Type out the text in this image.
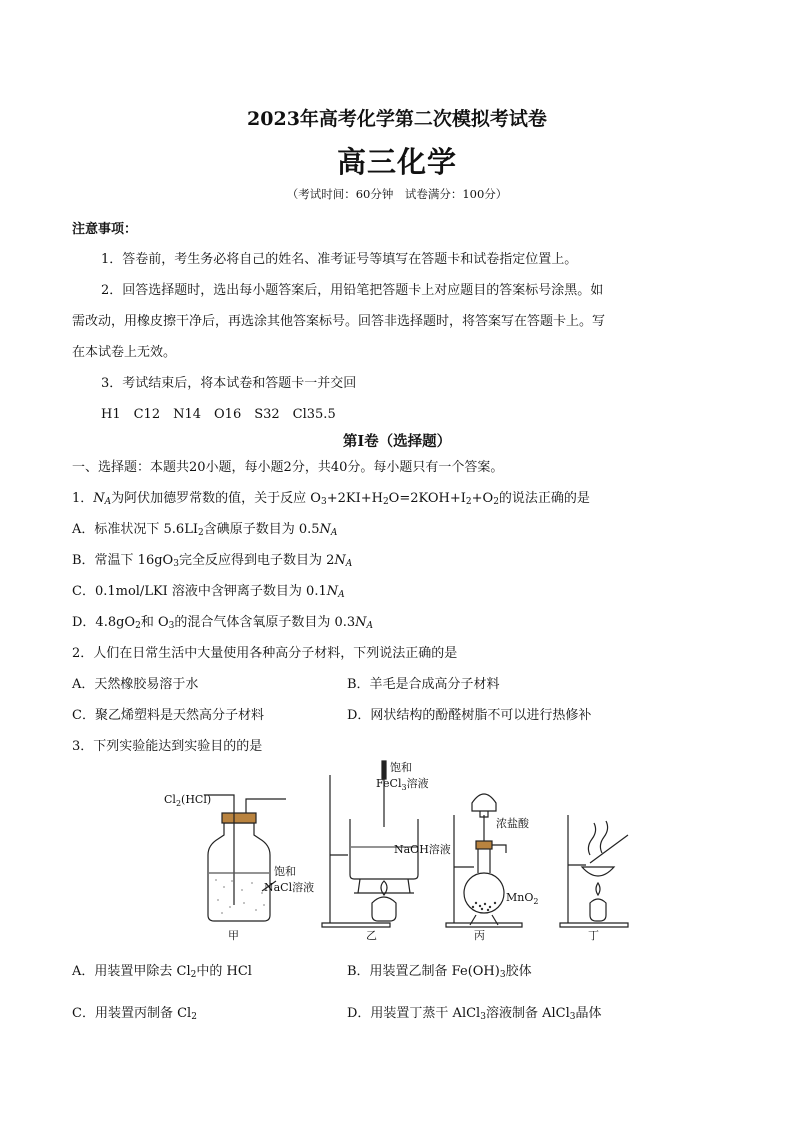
2023年高考化学第二次模拟考试卷
高三化学
（考试时间：60分钟　试卷满分：100分）
注意事项：
1．答卷前，考生务必将自己的姓名、准考证号等填写在答题卡和试卷指定位置上。
2．回答选择题时，选出每小题答案后，用铅笔把答题卡上对应题目的答案标号涂黑。如
需改动，用橡皮擦干净后，再选涂其他答案标号。回答非选择题时，将答案写在答题卡上。写
在本试卷上无效。
3．考试结束后，将本试卷和答题卡一并交回
H1　C12　N14　O16　S32　Cl35.5
第Ⅰ卷（选择题）
一、选择题：本题共20小题，每小题2分，共40分。每小题只有一个答案。
1．$N_A$为阿伏加德罗常数的值，关于反应 $O_3+2KI+H_2O=2KOH+I_2+O_2$的说法正确的是
A．标准状况下 $5.6LI_2$含碘原子数目为 $0.5N_A$
B．常温下 $16gO_3$完全反应得到电子数目为 $2N_A$
C．0.1mol/LKI 溶液中含钾离子数目为 $0.1N_A$
D．$4.8gO_2$和 $O_3$的混合气体含氧原子数目为 $0.3N_A$
2．人们在日常生活中大量使用各种高分子材料，下列说法正确的是
A．天然橡胶易溶于水	B．羊毛是合成高分子材料
C．聚乙烯塑料是天然高分子材料	D．网状结构的酚醛树脂不可以进行热修补
3．下列实验能达到实验目的的是
$Cl_2(HCl)$
饱和
NaCl溶液
饱和
FeCl$_3$溶液
NaOH溶液
浓盐酸
MnO$_2$
甲	乙	丙	丁
A．用装置甲除去 $Cl_2$中的 HCl	B．用装置乙制备 $Fe(OH)_3$胶体
C．用装置丙制备 $Cl_2$	D．用装置丁蒸干 AlCl$_3$溶液制备 AlCl$_3$晶体
